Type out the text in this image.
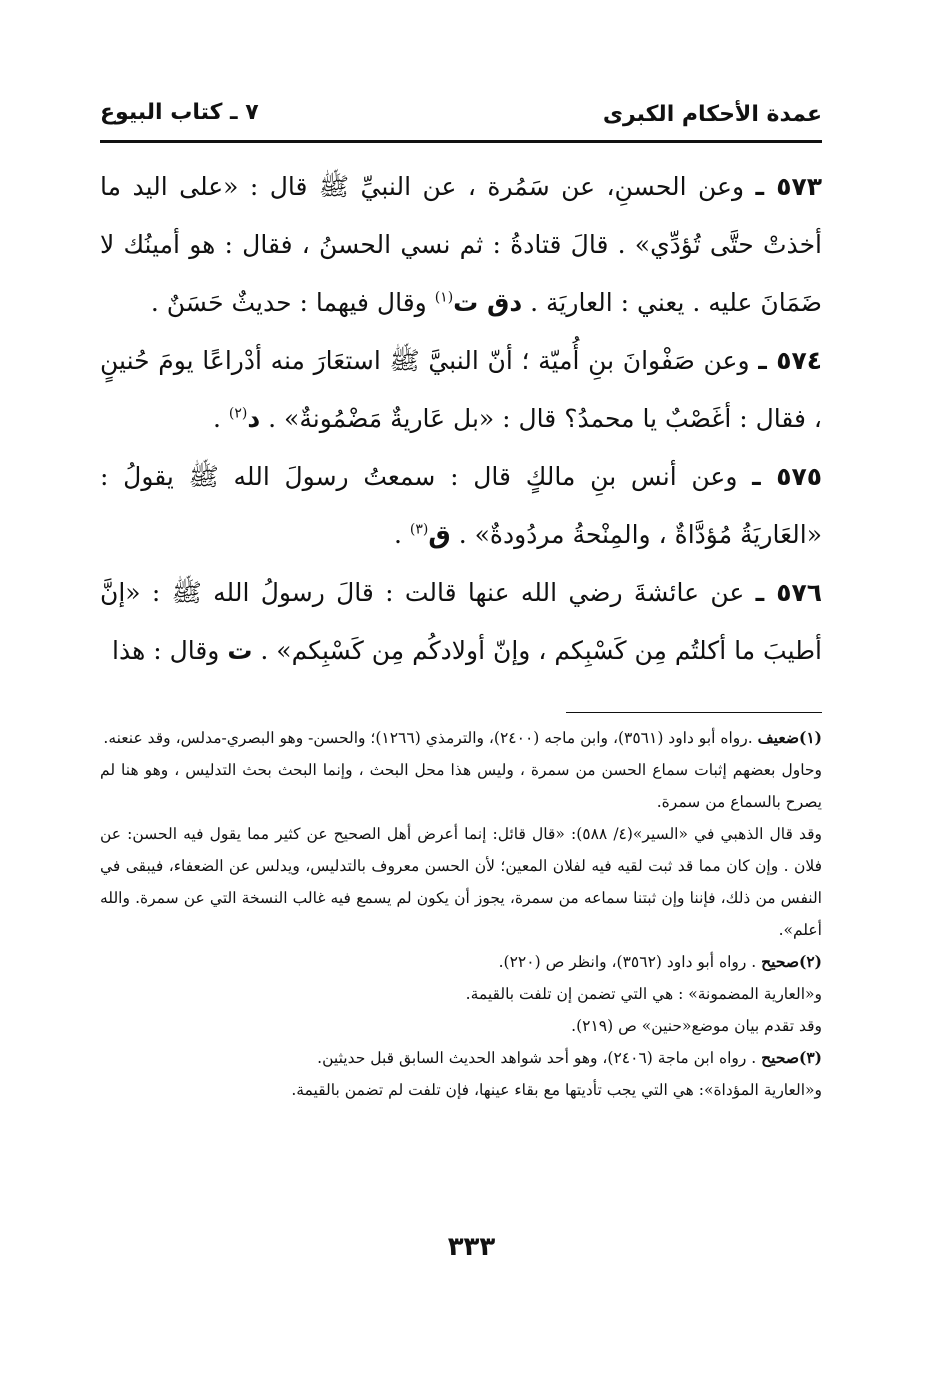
عمدة الأحكام الكبرى
٧ ـ كتاب البيوع

٥٧٣ ـ وعن الحسنِ، عن سَمُرة ، عن النبيِّ ﷺ قال : «على اليد ما أخذتْ حتَّى تُؤدِّي» . قالَ قتادةُ : ثم نسي الحسنُ ، فقال : هو أمينُك لا ضَمَانَ عليه . يعني : العاريَة . دق ت$^{(١)}$ وقال فيهما : حديثٌ حَسَنٌ .

٥٧٤ ـ وعن صَفْوانَ بنِ أُميّة ؛ أنّ النبيَّ ﷺ استعَارَ منه أدْراعًا يومَ حُنينٍ ، فقال : أغَصْبٌ يا محمدُ؟ قال : «بل عَاريةٌ مَضْمُونةٌ» . د$^{(٢)}$ .

٥٧٥ ـ وعن أنس بنِ مالكٍ قال : سمعتُ رسولَ الله ﷺ يقولُ : «العَاريَةُ مُؤدَّاةٌ ، والمِنْحةُ مردُودةٌ» . ق$^{(٣)}$ .

٥٧٦ ـ عن عائشةَ رضي الله عنها قالت : قالَ رسولُ الله ﷺ : «إنَّ أطيبَ ما أكلتُم مِن كَسْبِكم ، وإنّ أولادكُم مِن كَسْبِكم» . ت وقال : هذا

(١)ضعيف .رواه أبو داود (٣٥٦١)، وابن ماجه (٢٤٠٠)، والترمذي (١٢٦٦)؛ والحسن- وهو البصري-مدلس، وقد عنعنه.

وحاول بعضهم إثبات سماع الحسن من سمرة ، وليس هذا محل البحث ، وإنما البحث بحث التدليس ، وهو هنا لم يصرح بالسماع من سمرة.

وقد قال الذهبي في «السير»(٤/ ٥٨٨): «قال قائل: إنما أعرض أهل الصحيح عن كثير مما يقول فيه الحسن: عن فلان . وإن كان مما قد ثبت لقيه فيه لفلان المعين؛ لأن الحسن معروف بالتدليس، ويدلس عن الضعفاء، فيبقى في النفس من ذلك، فإننا وإن ثبتنا سماعه من سمرة، يجوز أن يكون لم يسمع فيه غالب النسخة التي عن سمرة. والله أعلم».

(٢)صحيح . رواه أبو داود (٣٥٦٢)، وانظر ص (٢٢٠).

و«العارية المضمونة» : هي التي تضمن إن تلفت بالقيمة.

وقد تقدم بيان موضع«حنين» ص (٢١٩).

(٣)صحيح . رواه ابن ماجة (٢٤٠٦)، وهو أحد شواهد الحديث السابق قبل حديثين.

و«العارية المؤداة»: هي التي يجب تأديتها مع بقاء عينها، فإن تلفت لم تضمن بالقيمة.

٣٣٣
